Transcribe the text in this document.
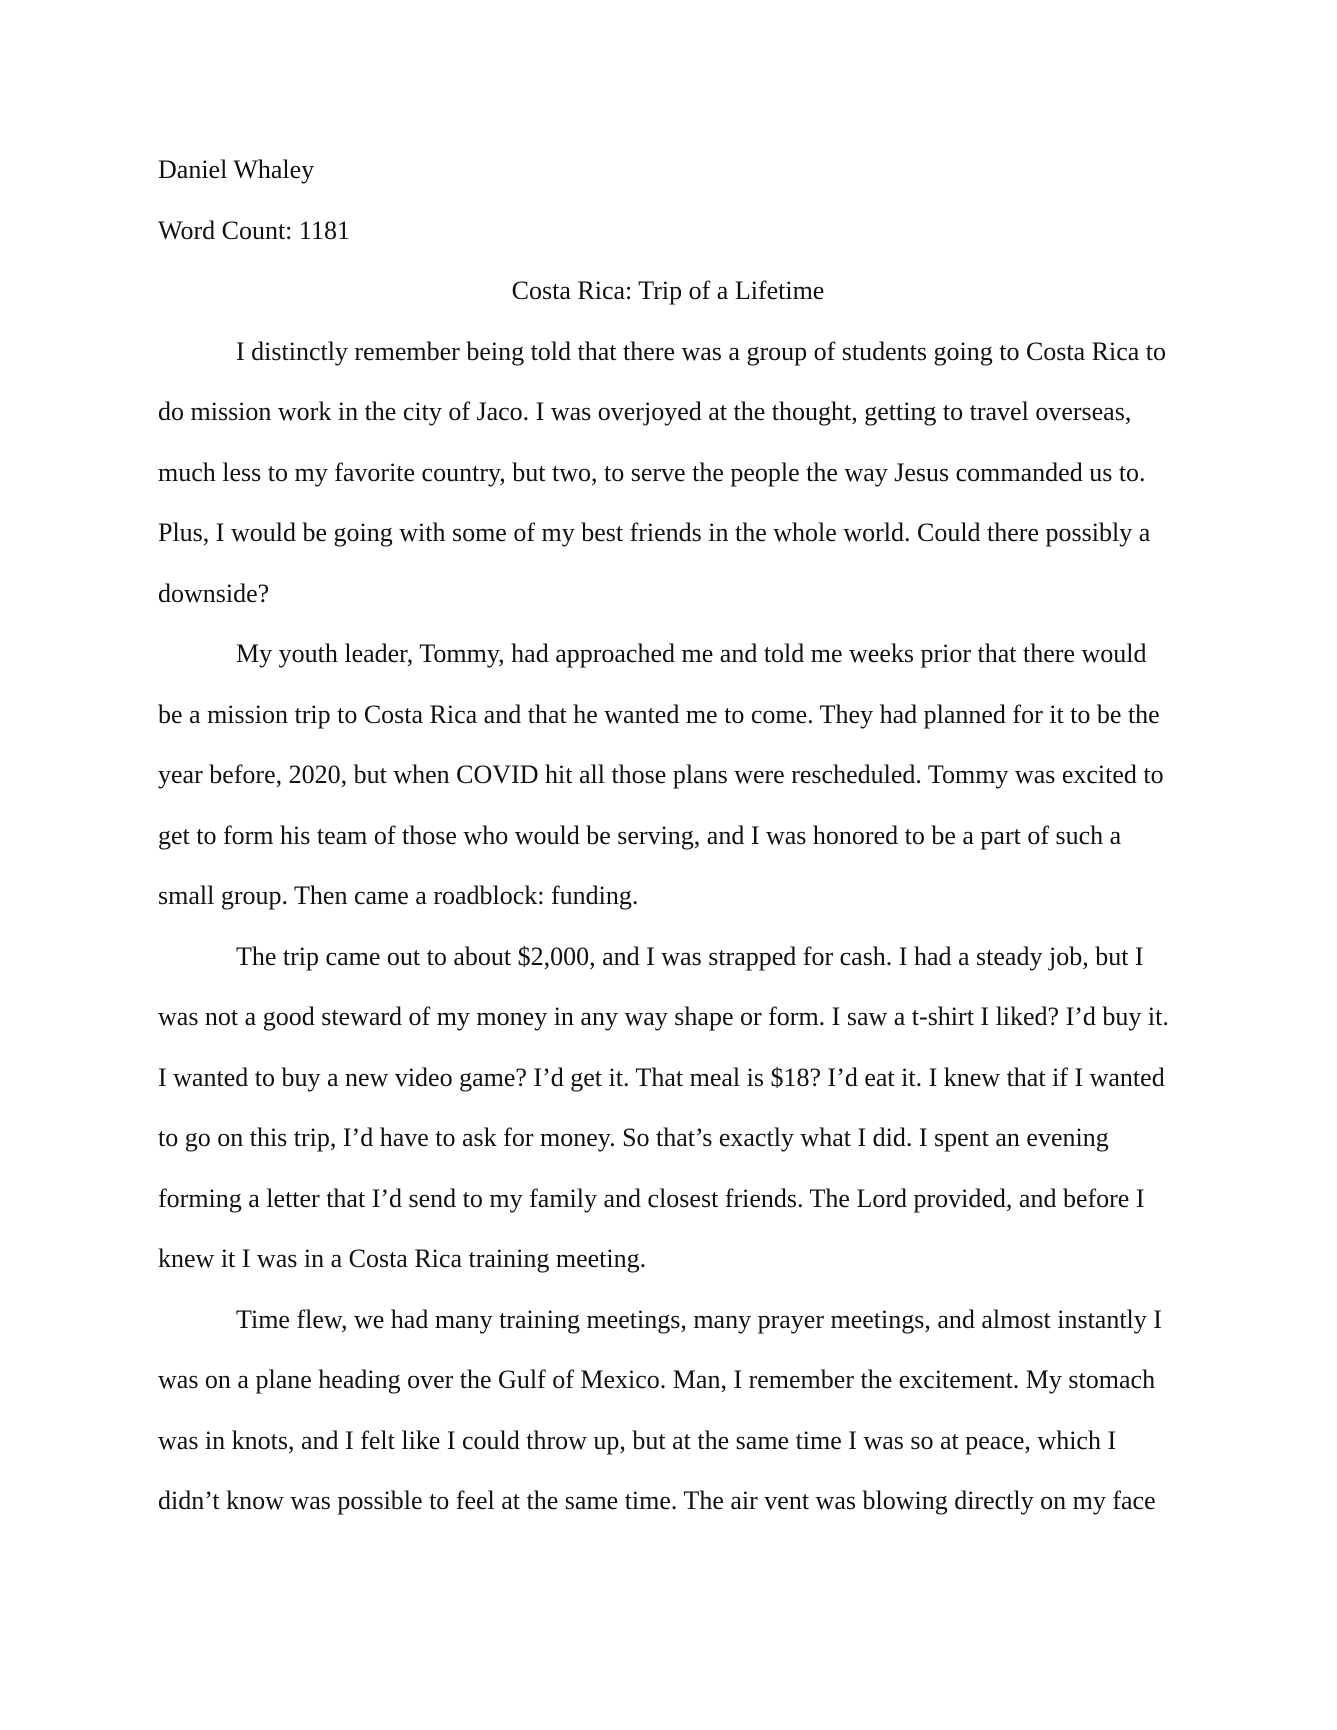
Daniel Whaley
Word Count: 1181
Costa Rica: Trip of a Lifetime
I distinctly remember being told that there was a group of students going to Costa Rica to
do mission work in the city of Jaco. I was overjoyed at the thought, getting to travel overseas,
much less to my favorite country, but two, to serve the people the way Jesus commanded us to.
Plus, I would be going with some of my best friends in the whole world. Could there possibly a
downside?
My youth leader, Tommy, had approached me and told me weeks prior that there would
be a mission trip to Costa Rica and that he wanted me to come. They had planned for it to be the
year before, 2020, but when COVID hit all those plans were rescheduled. Tommy was excited to
get to form his team of those who would be serving, and I was honored to be a part of such a
small group. Then came a roadblock: funding.
The trip came out to about $2,000, and I was strapped for cash. I had a steady job, but I
was not a good steward of my money in any way shape or form. I saw a t-shirt I liked? I’d buy it.
I wanted to buy a new video game? I’d get it. That meal is $18? I’d eat it. I knew that if I wanted
to go on this trip, I’d have to ask for money. So that’s exactly what I did. I spent an evening
forming a letter that I’d send to my family and closest friends. The Lord provided, and before I
knew it I was in a Costa Rica training meeting.
Time flew, we had many training meetings, many prayer meetings, and almost instantly I
was on a plane heading over the Gulf of Mexico. Man, I remember the excitement. My stomach
was in knots, and I felt like I could throw up, but at the same time I was so at peace, which I
didn’t know was possible to feel at the same time. The air vent was blowing directly on my face
